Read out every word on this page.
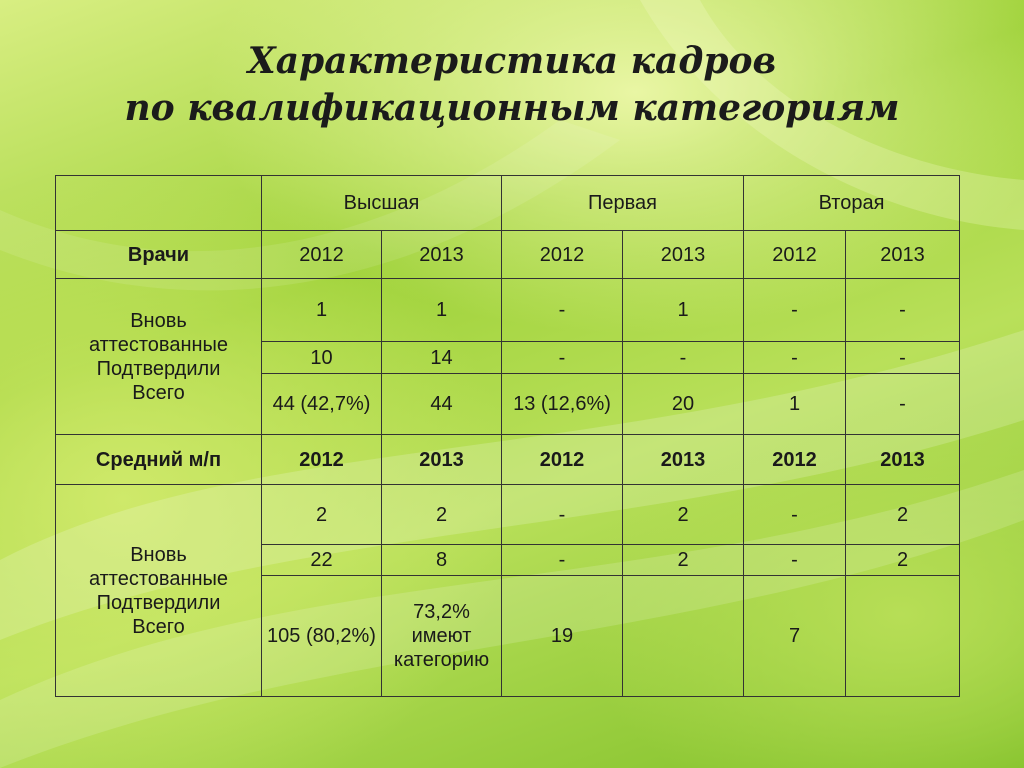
Характеристика кадров
по квалификационным категориям
	Высшая		Первая		Вторая	
Врачи	2012	2013	2012	2013	2012	2013

Вновь
аттестованные
Подтвердили
Всего	1	1	-	1	-	-
	10	14	-	-	-	-
	44 (42,7%)	44	13 (12,6%)	20	1	-
Средний м/п	2012	2013	2012	2013	2012	2013

Вновь
аттестованные
Подтвердили
Всего	2	2	-	2	-	2
	22	8	-	2	-	2
	105 (80,2%)	73,2% имеют категорию	19		7	
